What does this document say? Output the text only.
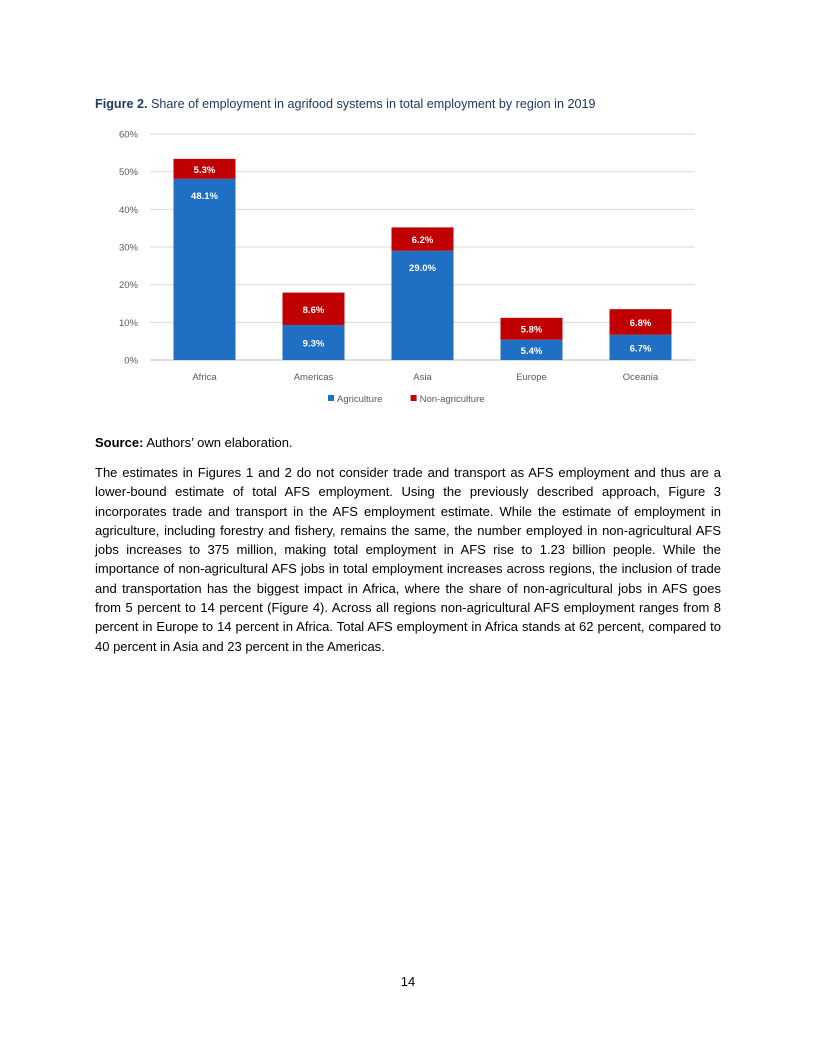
Figure 2. Share of employment in agrifood systems in total employment by region in 2019
0%
10%
20%
30%
40%
50%
60%
48.1%
5.3%
Africa
9.3%
8.6%
Americas
29.0%
6.2%
Asia
5.4%
5.8%
Europe
6.7%
6.8%
Oceania
Agriculture	Non-agriculture
Source: Authors’ own elaboration.
The estimates in Figures 1 and 2 do not consider trade and transport as AFS employment and thus are a lower-bound estimate of total AFS employment. Using the previously described approach, Figure 3 incorporates trade and transport in the AFS employment estimate. While the estimate of employment in agriculture, including forestry and fishery, remains the same, the number employed in non-agricultural AFS jobs increases to 375 million, making total employment in AFS rise to 1.23 billion people. While the importance of non-agricultural AFS jobs in total employment increases across regions, the inclusion of trade and transportation has the biggest impact in Africa, where the share of non-agricultural jobs in AFS goes from 5 percent to 14 percent (Figure 4). Across all regions non-agricultural AFS employment ranges from 8 percent in Europe to 14 percent in Africa. Total AFS employment in Africa stands at 62 percent, compared to 40 percent in Asia and 23 percent in the Americas.
14
